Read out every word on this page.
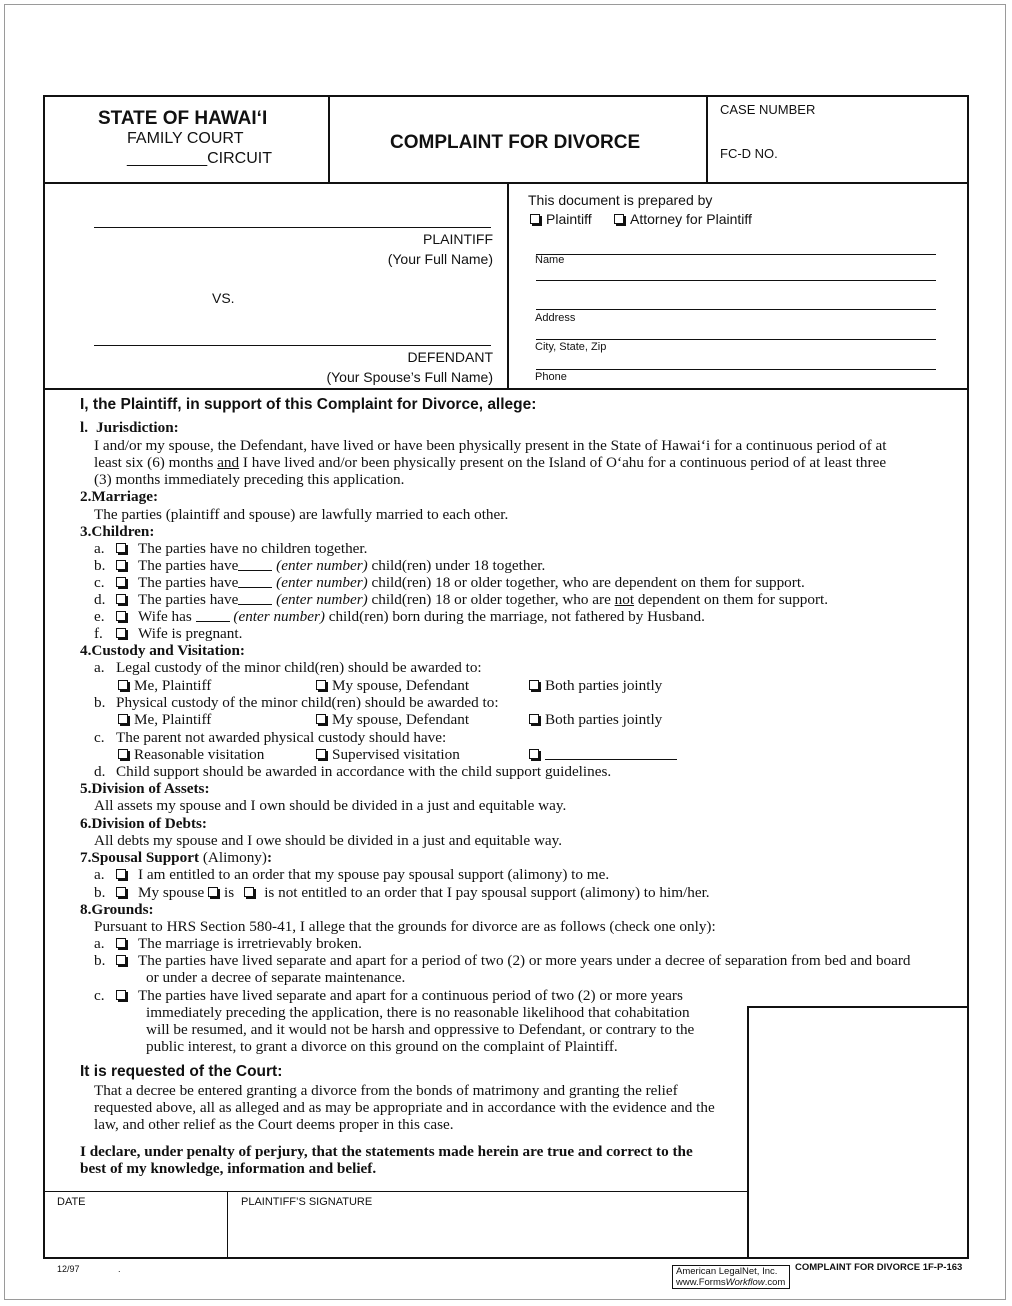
STATE OF HAWAI‘I
FAMILY COURT
_________CIRCUIT
COMPLAINT FOR DIVORCE
CASE NUMBER
FC-D NO.
PLAINTIFF
(Your Full Name)
VS.
DEFENDANT
(Your Spouse’s Full Name)
This document is prepared by
Plaintiff	Attorney for Plaintiff
Name
Address
City, State, Zip
Phone
I, the Plaintiff, in support of this Complaint for Divorce, allege:
l. Jurisdiction:
I and/or my spouse, the Defendant, have lived or have been physically present in the State of Hawai‘i for a continuous period of at
least six (6) months and I have lived and/or been physically present on the Island of O‘ahu for a continuous period of at least three
(3) months immediately preceding this application.
2.Marriage:
The parties (plaintiff and spouse) are lawfully married to each other.
3.Children:
a. The parties have no children together.
b. The parties have (enter number) child(ren) under 18 together.
c. The parties have (enter number) child(ren) 18 or older together, who are dependent on them for support.
d. The parties have (enter number) child(ren) 18 or older together, who are not dependent on them for support.
e. Wife has	(enter number) child(ren) born during the marriage, not fathered by Husband.
f. Wife is pregnant.
4.Custody and Visitation:
a. Legal custody of the minor child(ren) should be awarded to:
Me, Plaintiff	My spouse, Defendant	Both parties jointly
b. Physical custody of the minor child(ren) should be awarded to:
Me, Plaintiff	My spouse, Defendant	Both parties jointly
c. The parent not awarded physical custody should have:
Reasonable visitation	Supervised visitation
d. Child support should be awarded in accordance with the child support guidelines.
5.Division of Assets:
All assets my spouse and I own should be divided in a just and equitable way.
6.Division of Debts:
All debts my spouse and I owe should be divided in a just and equitable way.
7.Spousal Support (Alimony):
a. I am entitled to an order that my spouse pay spousal support (alimony) to me.
b. My spouse is is not entitled to an order that I pay spousal support (alimony) to him/her.
8.Grounds:
Pursuant to HRS Section 580-41, I allege that the grounds for divorce are as follows (check one only):
a. The marriage is irretrievably broken.
b. The parties have lived separate and apart for a period of two (2) or more years under a decree of separation from bed and board
or under a decree of separate maintenance.
c. The parties have lived separate and apart for a continuous period of two (2) or more years
immediately preceding the application, there is no reasonable likelihood that cohabitation
will be resumed, and it would not be harsh and oppressive to Defendant, or contrary to the
public interest, to grant a divorce on this ground on the complaint of Plaintiff.
That a decree be entered granting a divorce from the bonds of matrimony and granting the relief
requested above, all as alleged and as may be appropriate and in accordance with the evidence and the
law, and other relief as the Court deems proper in this case.
I declare, under penalty of perjury, that the statements made herein are true and correct to the
best of my knowledge, information and belief.
It is requested of the Court:
DATE	PLAINTIFF’S SIGNATURE
12/97	.	American LegalNet, Inc.
www.FormsWorkflow.com
COMPLAINT FOR DIVORCE 1F-P-163
